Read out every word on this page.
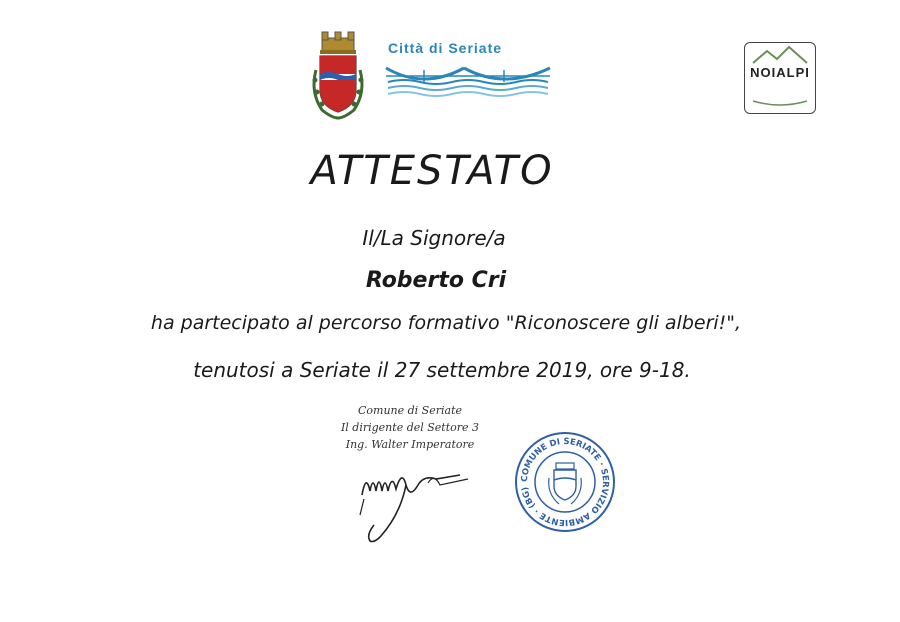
Città di Seriate
NOIALPI
ATTESTATO
Il/La Signore/a
Roberto Cri
ha partecipato al percorso formativo "Riconoscere gli alberi!",
tenutosi a Seriate il 27 settembre 2019, ore 9-18.
Comune di Seriate
Il dirigente del Settore 3
Ing. Walter Imperatore
COMUNE DI SERIATE · SERVIZIO AMBIENTE · (BG)
